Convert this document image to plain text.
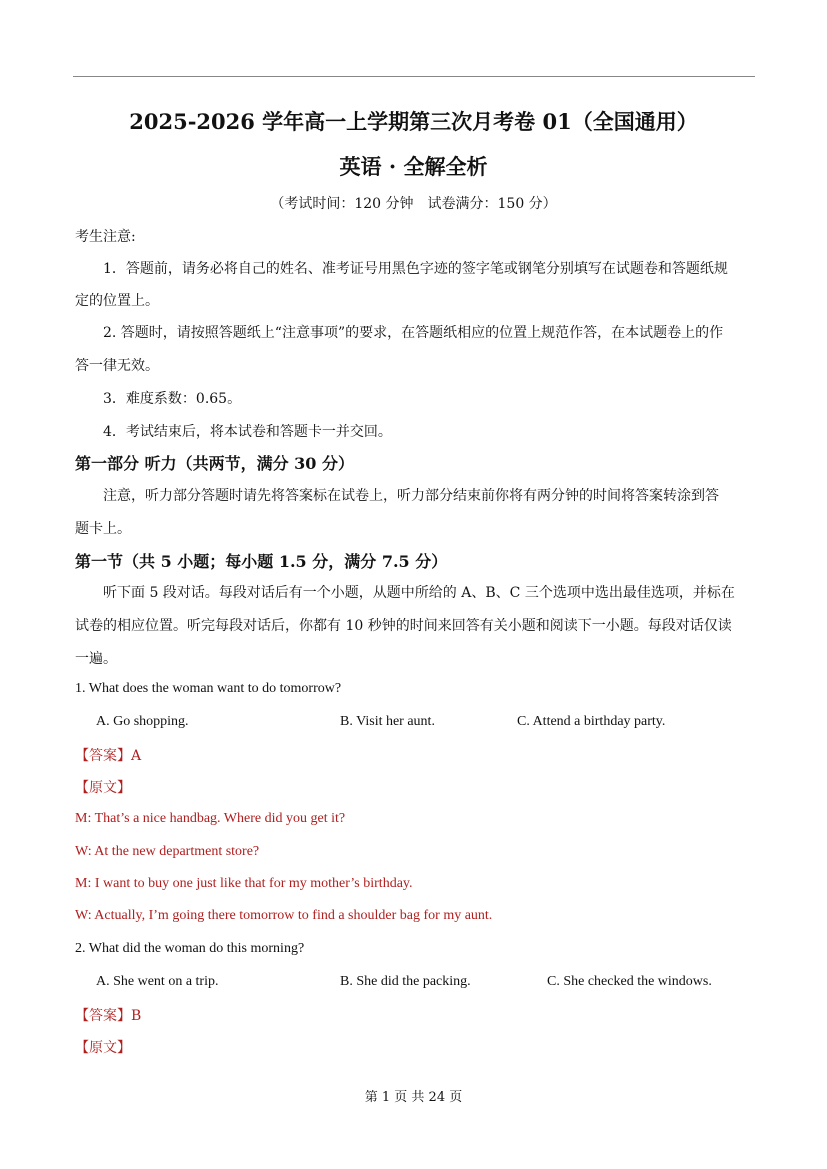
2025-2026 学年高一上学期第三次月考卷 01（全国通用）
英语 · 全解全析
（考试时间：120 分钟　试卷满分：150 分）
考生注意:
1．答题前，请务必将自己的姓名、准考证号用黑色字迹的签字笔或钢笔分别填写在试题卷和答题纸规
定的位置上。
2. 答题时，请按照答题纸上“注意事项”的要求，在答题纸相应的位置上规范作答，在本试题卷上的作
答一律无效。
3．难度系数：0.65。
4．考试结束后，将本试卷和答题卡一并交回。
第一部分 听力（共两节，满分 30 分）
注意，听力部分答题时请先将答案标在试卷上，听力部分结束前你将有两分钟的时间将答案转涂到答
题卡上。
第一节（共 5 小题；每小题 1.5 分，满分 7.5 分）
听下面 5 段对话。每段对话后有一个小题，从题中所给的 A、B、C 三个选项中选出最佳选项，并标在
试卷的相应位置。听完每段对话后，你都有 10 秒钟的时间来回答有关小题和阅读下一小题。每段对话仅读
一遍。
1. What does the woman want to do tomorrow?
A. Go shopping.	B. Visit her aunt.	C. Attend a birthday party.
【答案】A
【原文】
M: That’s a nice handbag. Where did you get it?
W: At the new department store?
M: I want to buy one just like that for my mother’s birthday.
W: Actually, I’m going there tomorrow to find a shoulder bag for my aunt.
2. What did the woman do this morning?
A. She went on a trip.	B. She did the packing.	C. She checked the windows.
【答案】B
【原文】
第 1 页 共 24 页
